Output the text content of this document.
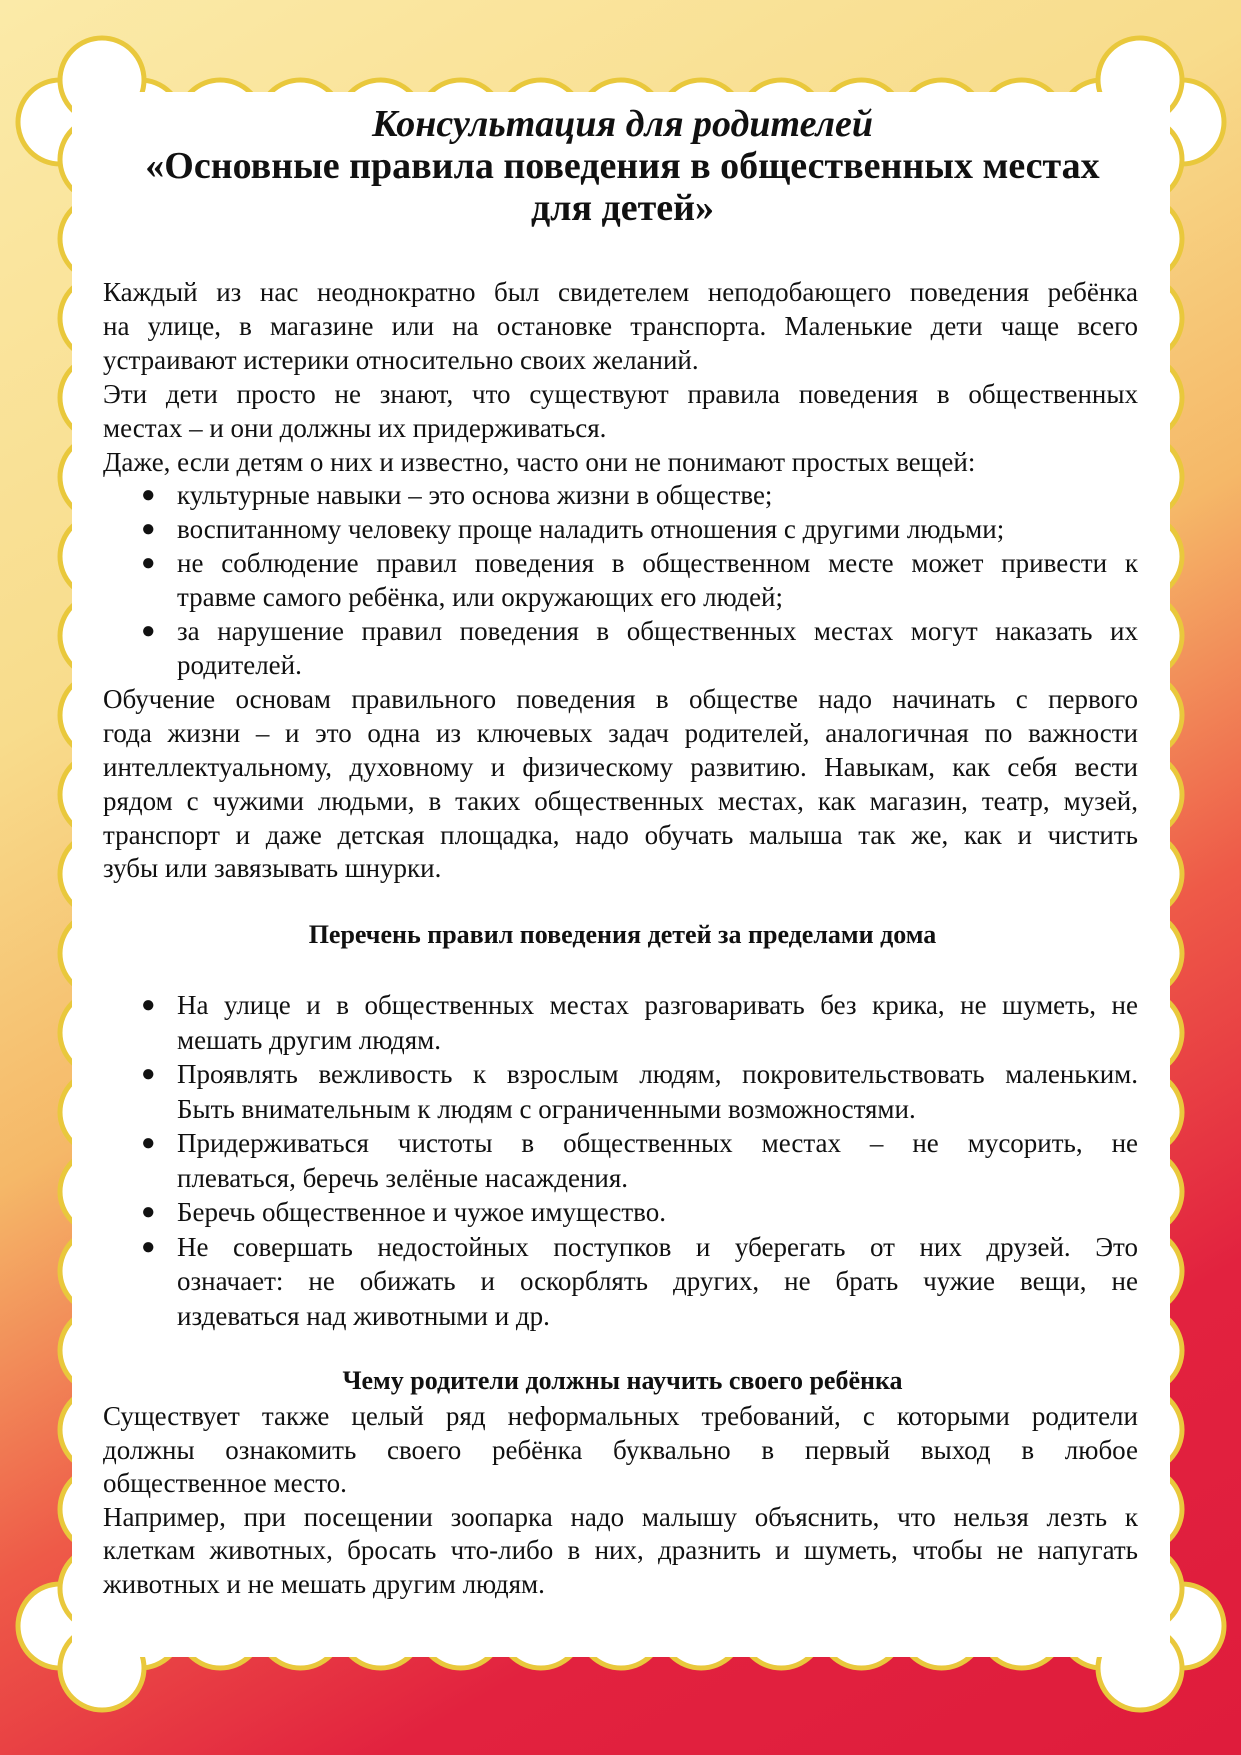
Консультация для родителей
«Основные правила поведения в общественных местах
для детей»
Каждый из нас неоднократно был свидетелем неподобающего поведения ребёнка
на улице, в магазине или на остановке транспорта. Маленькие дети чаще всего
устраивают истерики относительно своих желаний.
Эти дети просто не знают, что существуют правила поведения в общественных
местах – и они должны их придерживаться.
Даже, если детям о них и известно, часто они не понимают простых вещей:
● культурные навыки – это основа жизни в обществе;
● воспитанному человеку проще наладить отношения с другими людьми;
● не соблюдение правил поведения в общественном месте может привести к
травме самого ребёнка, или окружающих его людей;
● за нарушение правил поведения в общественных местах могут наказать их
родителей.
Обучение основам правильного поведения в обществе надо начинать с первого
года жизни – и это одна из ключевых задач родителей, аналогичная по важности
интеллектуальному, духовному и физическому развитию. Навыкам, как себя вести
рядом с чужими людьми, в таких общественных местах, как магазин, театр, музей,
транспорт и даже детская площадка, надо обучать малыша так же, как и чистить
зубы или завязывать шнурки.
Перечень правил поведения детей за пределами дома
● На улице и в общественных местах разговаривать без крика, не шуметь, не
мешать другим людям.
● Проявлять вежливость к взрослым людям, покровительствовать маленьким.
Быть внимательным к людям с ограниченными возможностями.
● Придерживаться чистоты в общественных местах – не мусорить, не
плеваться, беречь зелёные насаждения.
● Беречь общественное и чужое имущество.
● Не совершать недостойных поступков и уберегать от них друзей. Это
означает: не обижать и оскорблять других, не брать чужие вещи, не
издеваться над животными и др.
Чему родители должны научить своего ребёнка
Существует также целый ряд неформальных требований, с которыми родители
должны ознакомить своего ребёнка буквально в первый выход в любое
общественное место.
Например, при посещении зоопарка надо малышу объяснить, что нельзя лезть к
клеткам животных, бросать что-либо в них, дразнить и шуметь, чтобы не напугать
животных и не мешать другим людям.
